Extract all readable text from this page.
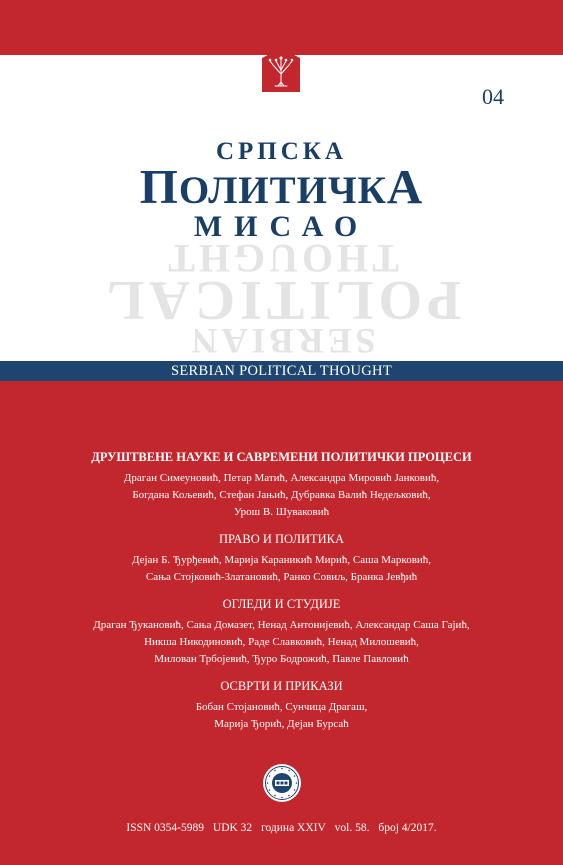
04
СРПСКА
ПОЛИТИЧКА
МИСАО
THOUGHT
POLITICAL
SERBIAN
SERBIAN POLITICAL THOUGHT
ДРУШТВЕНЕ НАУКЕ И САВРЕМЕНИ ПОЛИТИЧКИ ПРОЦЕСИ
Драган Симеуновић, Петар Матић, Александра Мировић Јанковић,
Богдана Кољевић, Стефан Јањић, Дубравка Валић Недељковић,
Урош В. Шуваковић
ПРАВО И ПОЛИТИКА
Дејан Б. Ђурђевић, Марија Караникић Мирић, Саша Марковић,
Сања Стојковић-Златановић, Ранко Совиљ, Бранка Јевђић
ОГЛЕДИ И СТУДИЈЕ
Драган Ђукановић, Сања Домазет, Ненад Антонијевић, Александар Саша Гајић,
Никша Никодиновић, Раде Славковић, Ненад Милошевић,
Милован Трбојевић, Ђуро Бодрожић, Павле Павловић
ОСВРТИ И ПРИКАЗИ
Бобан Стојановић, Сунчица Драгаш,
Марија Ђорић, Дејан Бурсаћ
ISSN 0354-5989 UDK 32 година XXIV vol. 58. број 4/2017.
